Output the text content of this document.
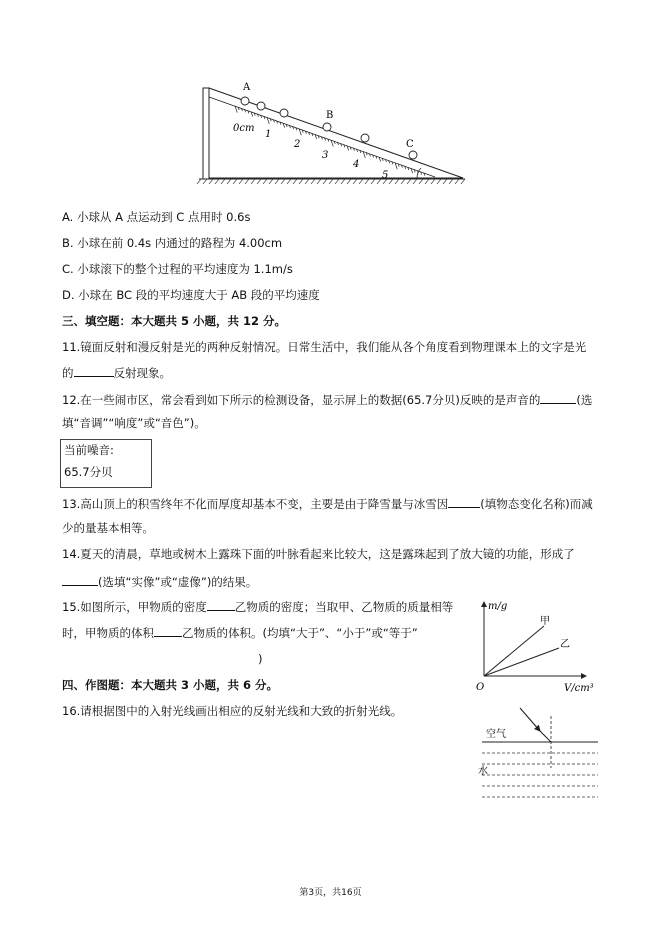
A
B
C
0cm
1
2
3
4
5
A. 小球从 A 点运动到 C 点用时 0.6s
B. 小球在前 0.4s 内通过的路程为 4.00cm
C. 小球滚下的整个过程的平均速度为 1.1m/s
D. 小球在 BC 段的平均速度大于 AB 段的平均速度
三、填空题：本大题共 5 小题，共 12 分。
11.镜面反射和漫反射是光的两种反射情况。日常生活中，我们能从各个角度看到物理课本上的文字是光
的	反射现象。
12.在一些闹市区，常会看到如下所示的检测设备，显示屏上的数据(65.7分贝)反映的是声音的	(选
填“音调”“响度”或“音色”)。
当前噪音:
65.7分贝
13.高山顶上的积雪终年不化而厚度却基本不变，主要是由于降雪量与冰雪因	(填物态变化名称)而减
少的量基本相等。
14.夏天的清晨，草地或树木上露珠下面的叶脉看起来比较大，这是露珠起到了放大镜的功能，形成了
(选填“实像”或“虚像”)的结果。
15.如图所示，甲物质的密度 乙物质的密度；当取甲、乙物质的质量相等
时，甲物质的体积 乙物质的体积。(均填“大于”、“小于”或“等于”
)
m/g
甲
乙
O	V/cm³
四、作图题：本大题共 3 小题，共 6 分。
16.请根据图中的入射光线画出相应的反射光线和大致的折射光线。
空气
水
第3页，共16页
